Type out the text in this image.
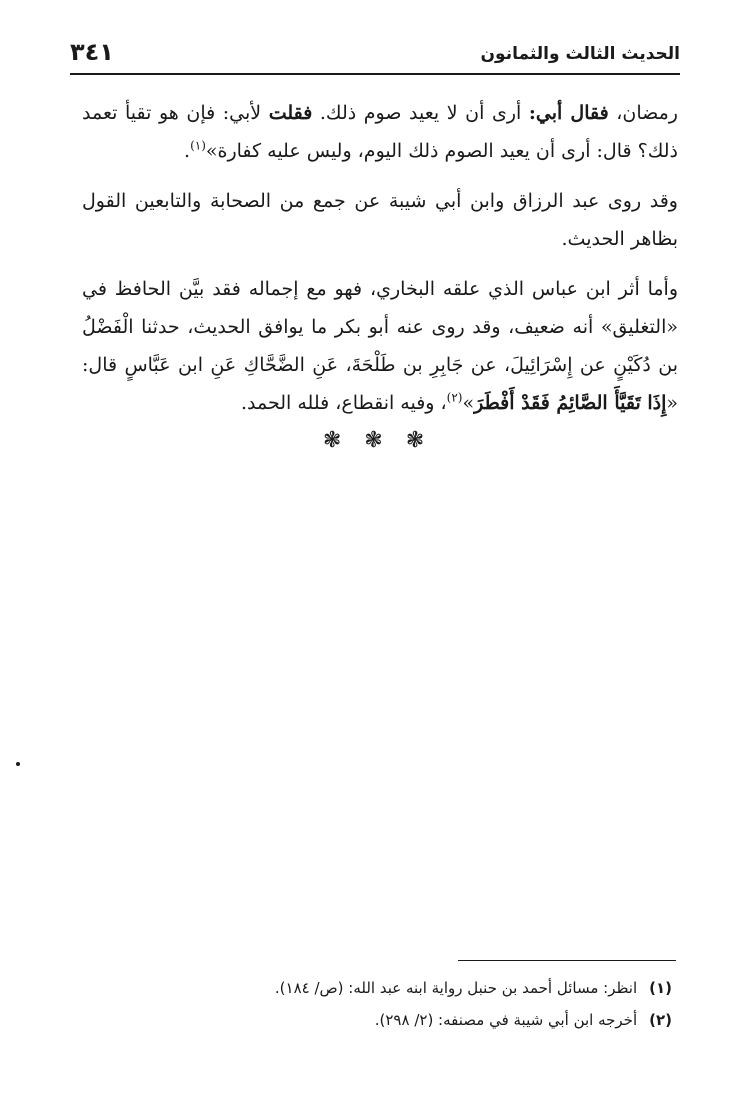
٣٤١	الحديث الثالث والثمانون

رمضان، فقال أبي: أرى أن لا يعيد صوم ذلك. فقلت لأبي: فإن هو تقيأ تعمد ذلك؟ قال: أرى أن يعيد الصوم ذلك اليوم، وليس عليه كفارة»$^{(١)}$.

وقد روى عبد الرزاق وابن أبي شيبة عن جمع من الصحابة والتابعين القول بظاهر الحديث.

وأما أثر ابن عباس الذي علقه البخاري، فهو مع إجماله فقد بيَّن الحافظ في «التغليق» أنه ضعيف، وقد روى عنه أبو بكر ما يوافق الحديث، حدثنا الْفَضْلُ بن دُكَيْنٍ عن إِسْرَائِيلَ، عن جَابِرِ بن طَلْحَةَ، عَنِ الضَّحَّاكِ عَنِ ابن عَبَّاسٍ قال: «إِذَا تَقَيَّأَ الصَّائِمُ فَقَدْ أَفْطَرَ»$^{(٢)}$، وفيه انقطاع، فلله الحمد.

❃ ❃ ❃
(١)انظر: مسائل أحمد بن حنبل رواية ابنه عبد الله: (ص/ ١٨٤).
(٢)أخرجه ابن أبي شيبة في مصنفه: (٢/ ٢٩٨).
